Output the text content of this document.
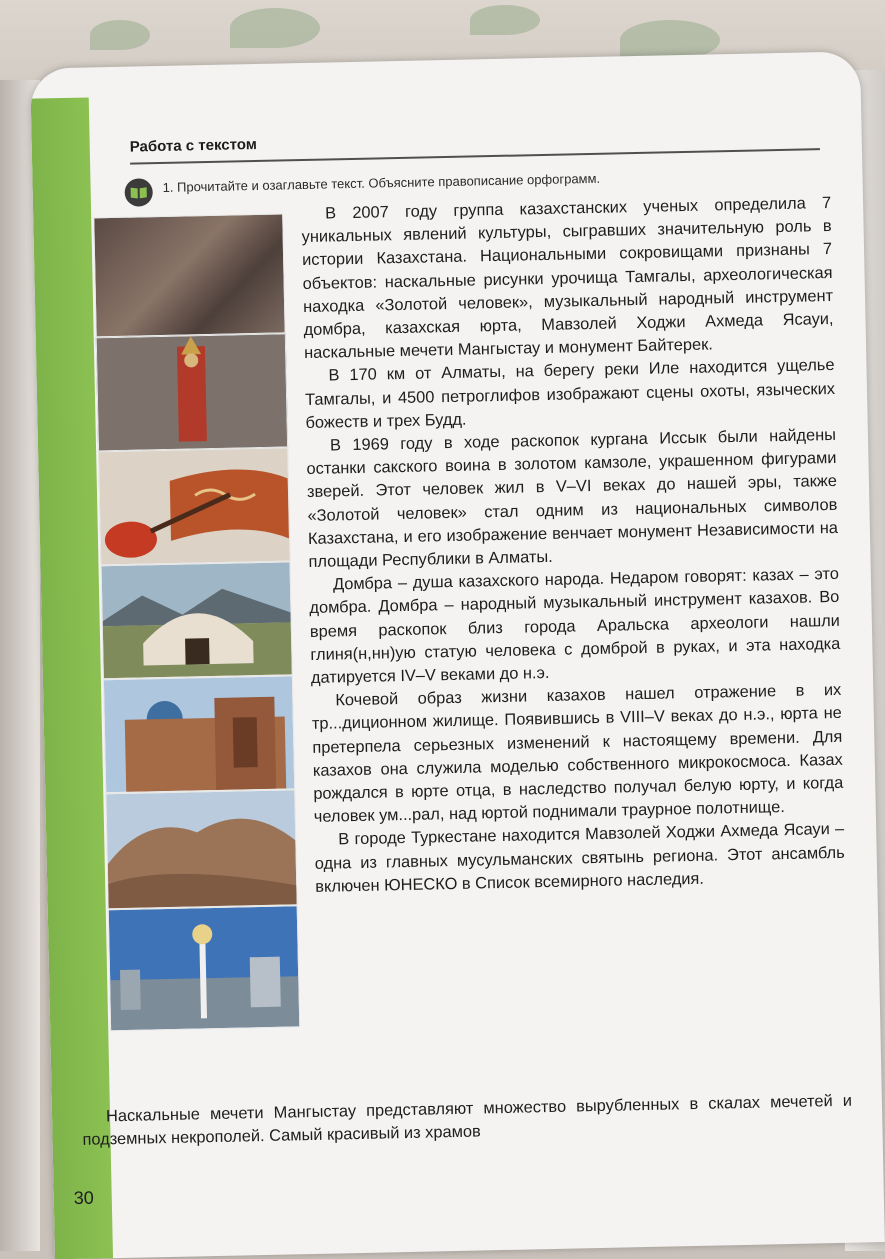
Работа с текстом
1. Прочитайте и озаглавьте текст. Объясните правописание орфограмм.

В 2007 году группа казахстанских ученых определила 7 уникальных явлений культуры, сыгравших значительную роль в истории Казахстана. Национальными сокровищами признаны 7 объектов: наскальные рисунки урочища Тамгалы, археологическая находка «Золотой человек», музыкальный народный инструмент домбра, казахская юрта, Мавзолей Ходжи Ахмеда Ясауи, наскальные мечети Мангыстау и монумент Байтерек.

В 170 км от Алматы, на берегу реки Иле находится ущелье Тамгалы, и 4500 петроглифов изображают сцены охоты, языческих божеств и трех Будд.

В 1969 году в ходе раскопок кургана Иссык были найдены останки сакского воина в золотом камзоле, украшенном фигурами зверей. Этот человек жил в V–VI веках до нашей эры, также «Золотой человек» стал одним из национальных символов Казахстана, и его изображение венчает монумент Независимости на площади Республики в Алматы.

Домбра – душа казахского народа. Недаром говорят: казах – это домбра. Домбра – народный музыкальный инструмент казахов. Во время раскопок близ города Аральска археологи нашли глиня(н,нн)ую статую человека с домброй в руках, и эта находка датируется IV–V веками до н.э.

Кочевой образ жизни казахов нашел отражение в их тр...диционном жилище. Появившись в VIII–V веках до н.э., юрта не претерпела серьезных изменений к настоящему времени. Для казахов она служила моделью собственного микрокосмоса. Казах рождался в юрте отца, в наследство получал белую юрту, и когда человек ум...рал, над юртой поднимали траурное полотнище.

В городе Туркестане находится Мавзолей Ходжи Ахмеда Ясауи – одна из главных мусульманских святынь региона. Этот ансамбль включен ЮНЕСКО в Список всемирного наследия.

Наскальные мечети Мангыстау представляют множество вырубленных в скалах мечетей и подземных некрополей. Самый красивый из храмов

30
